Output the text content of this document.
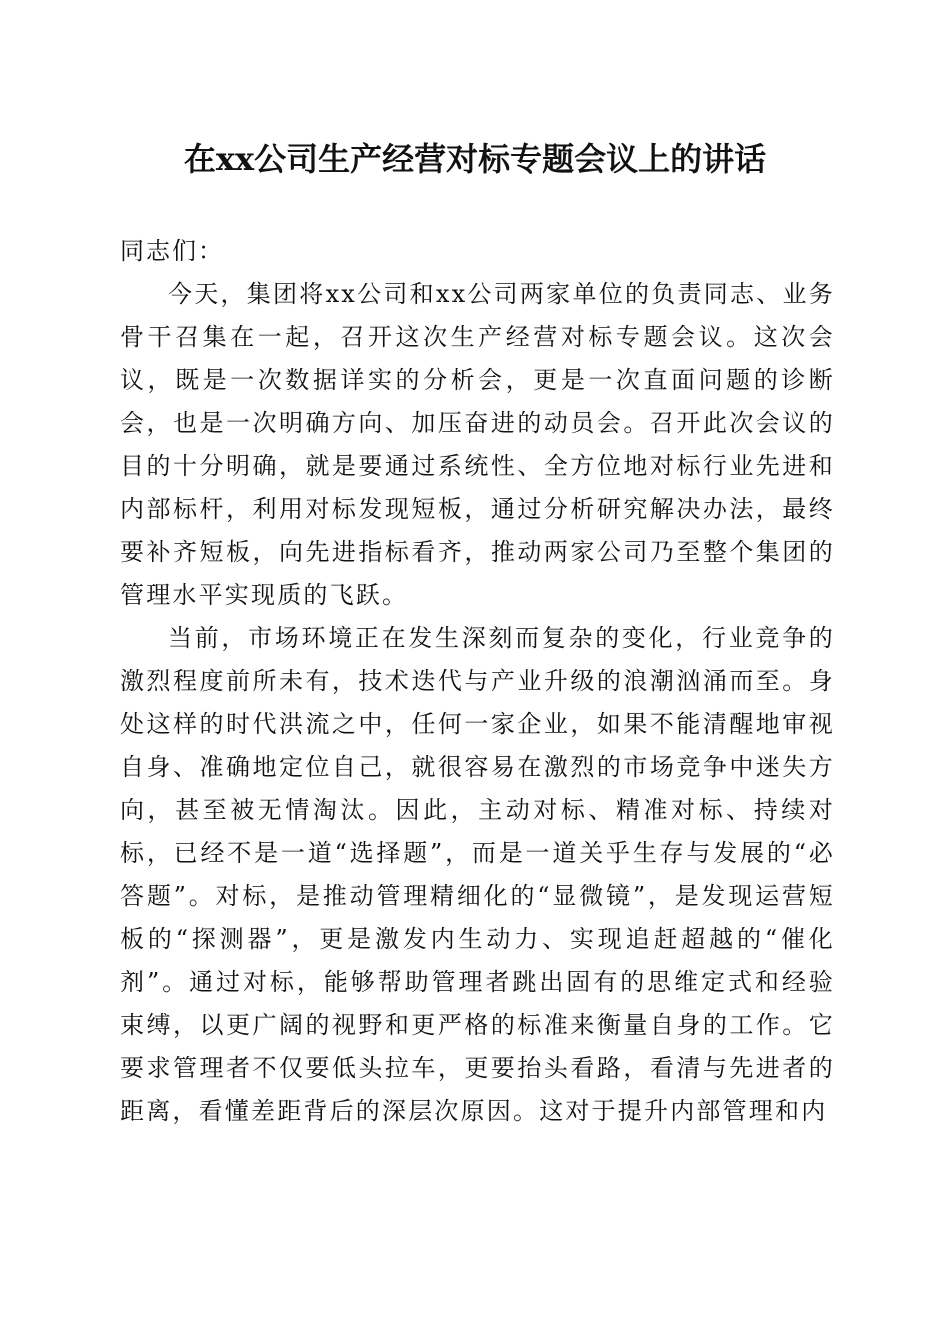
在xx公司生产经营对标专题会议上的讲话

同志们：

今天，集团将xx公司和xx公司两家单位的负责同志、业务骨干召集在一起，召开这次生产经营对标专题会议。这次会议，既是一次数据详实的分析会，更是一次直面问题的诊断会，也是一次明确方向、加压奋进的动员会。召开此次会议的目的十分明确，就是要通过系统性、全方位地对标行业先进和内部标杆，利用对标发现短板，通过分析研究解决办法，最终要补齐短板，向先进指标看齐，推动两家公司乃至整个集团的管理水平实现质的飞跃。

当前，市场环境正在发生深刻而复杂的变化，行业竞争的激烈程度前所未有，技术迭代与产业升级的浪潮汹涌而至。身处这样的时代洪流之中，任何一家企业，如果不能清醒地审视自身、准确地定位自己，就很容易在激烈的市场竞争中迷失方向，甚至被无情淘汰。因此，主动对标、精准对标、持续对标，已经不是一道“选择题”，而是一道关乎生存与发展的“必答题”。对标，是推动管理精细化的“显微镜”，是发现运营短板的“探测器”，更是激发内生动力、实现追赶超越的“催化剂”。通过对标，能够帮助管理者跳出固有的思维定式和经验束缚，以更广阔的视野和更严格的标准来衡量自身的工作。它要求管理者不仅要低头拉车，更要抬头看路，看清与先进者的距离，看懂差距背后的深层次原因。这对于提升内部管理和内
